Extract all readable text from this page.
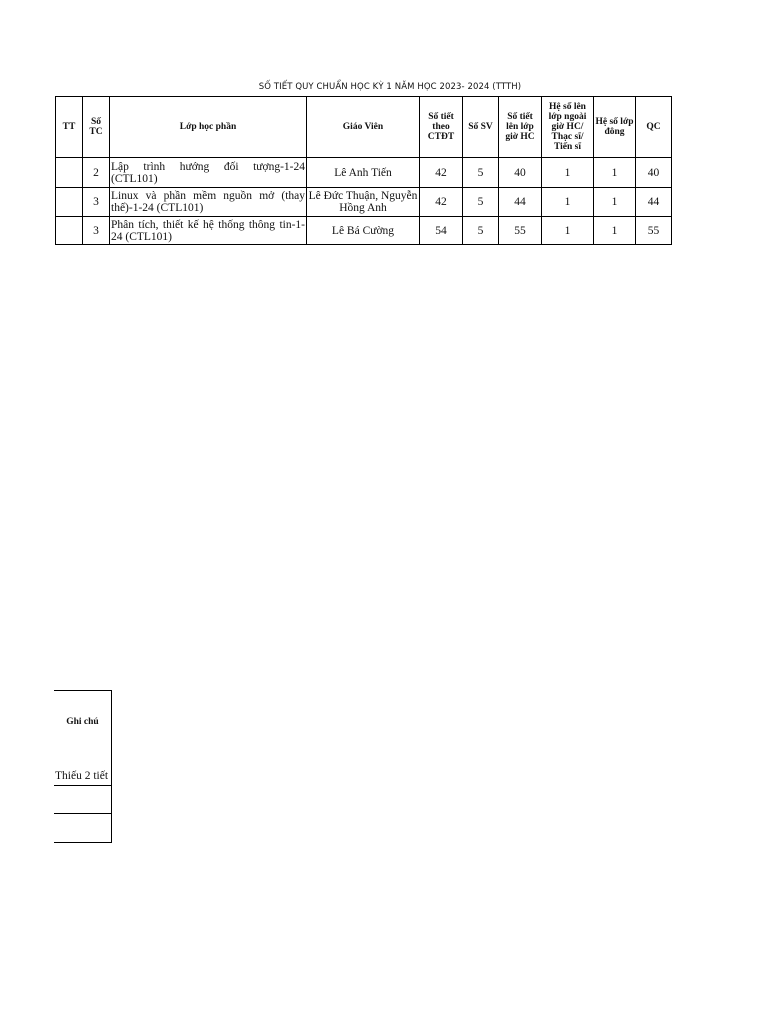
SỐ TIẾT QUY CHUẨN HỌC KỲ 1 NĂM HỌC 2023- 2024 (TTTH)
TT	Số TC	Lớp học phần	Giáo Viên	Số tiết theo CTĐT	Số SV	Số tiết lên lớp giờ HC	Hệ số lên lớp ngoài giờ HC/ Thạc sĩ/ Tiến sĩ	Hệ số lớp đông	QC
	2	Lập trình hướng đối tượng-1-24 (CTL101)	Lê Anh Tiến	42	5	40	1	1	40
	3	Linux và phần mềm nguồn mở (thay thế)-1-24 (CTL101)	Lê Đức Thuận, Nguyễn Hồng Anh	42	5	44	1	1	44
	3	Phân tích, thiết kế hệ thống thông tin-1-24 (CTL101)	Lê Bá Cường	54	5	55	1	1	55
Ghi chú
Thiếu 2 tiết
